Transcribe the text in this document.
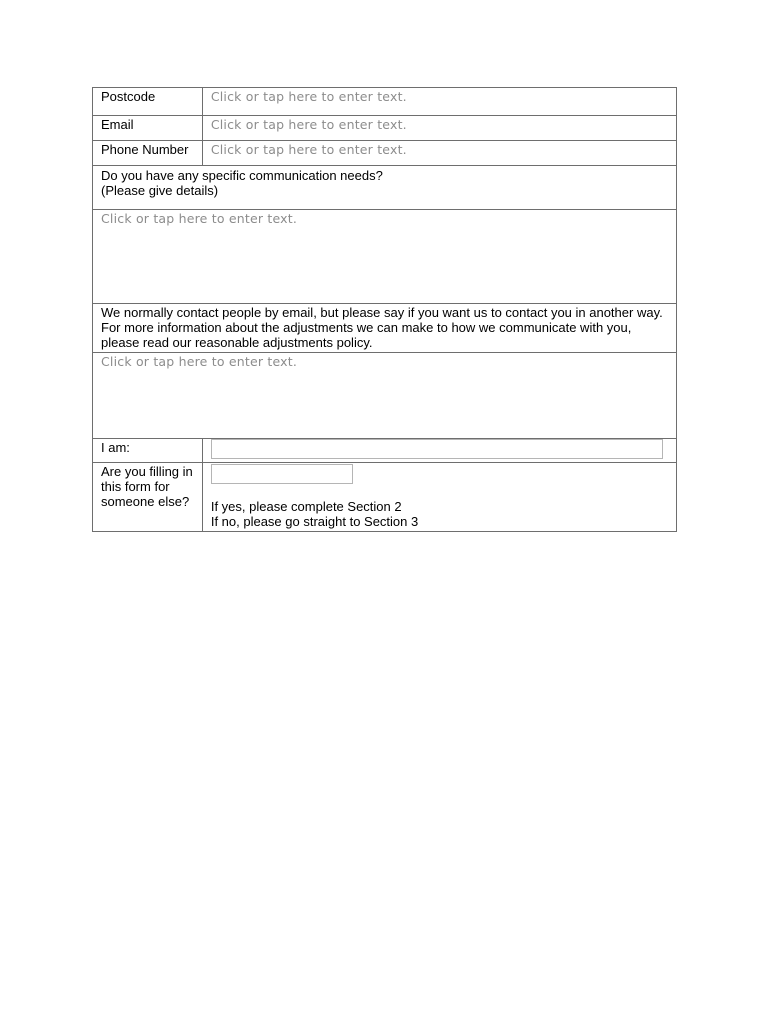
Postcode	Click or tap here to enter text.

Email	Click or tap here to enter text.

Phone Number	Click or tap here to enter text.

Do you have any specific communication needs?
(Please give details)	

Click or tap here to enter text.	

We normally contact people by email, but please say if you want us to contact you in another way. For more information about the adjustments we can make to how we communicate with you, please read our reasonable adjustments policy.	

Click or tap here to enter text.	

I am:	

Are you filling in this form for someone else?	If yes, please complete Section 2
If no, please go straight to Section 3
